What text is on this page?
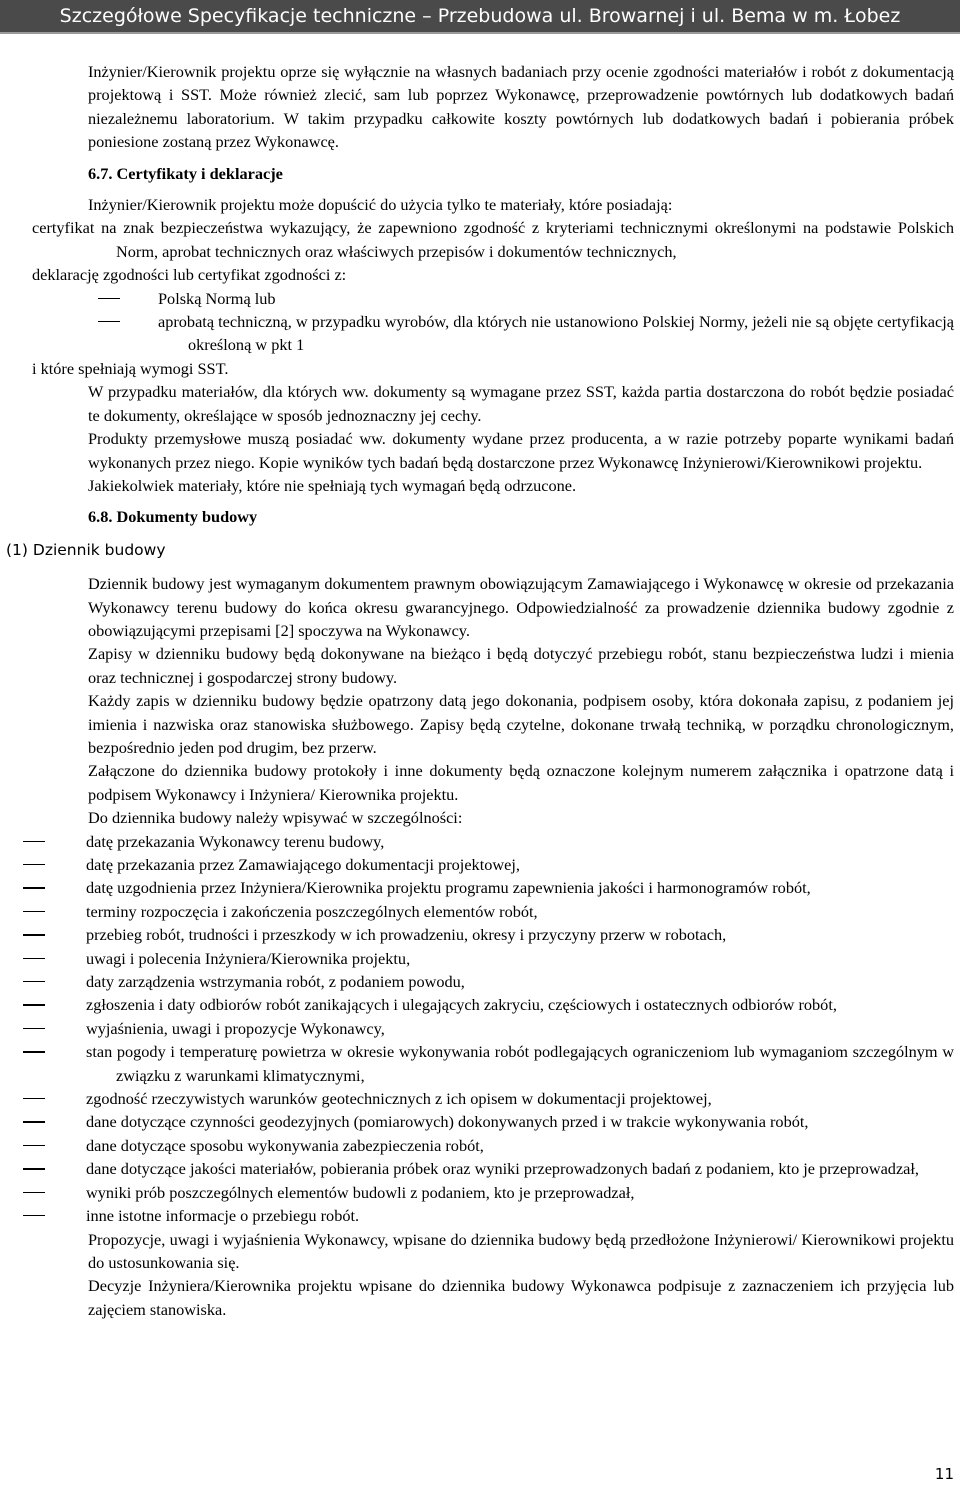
Szczegółowe Specyfikacje techniczne – Przebudowa ul. Browarnej i ul. Bema w m. Łobez

Inżynier/Kierownik projektu oprze się wyłącznie na własnych badaniach przy ocenie zgodności materiałów i robót z dokumentacją projektową i SST. Może również zlecić, sam lub poprzez Wykonawcę, przeprowadzenie powtórnych lub dodatkowych badań niezależnemu laboratorium. W takim przypadku całkowite koszty powtórnych lub dodatkowych badań i pobierania próbek poniesione zostaną przez Wykonawcę.

6.7. Certyfikaty i deklaracje

Inżynier/Kierownik projektu może dopuścić do użycia tylko te materiały, które posiadają:

certyfikat na znak bezpieczeństwa wykazujący, że zapewniono zgodność z kryteriami technicznymi określonymi na podstawie Polskich Norm, aprobat technicznych oraz właściwych przepisów i dokumentów technicznych,

deklarację zgodności lub certyfikat zgodności z:

Polską Normą lub
aprobatą techniczną, w przypadku wyrobów, dla których nie ustanowiono Polskiej Normy, jeżeli nie są objęte certyfikacją określoną w pkt 1

i które spełniają wymogi SST.

W przypadku materiałów, dla których ww. dokumenty są wymagane przez SST, każda partia dostarczona do robót będzie posiadać te dokumenty, określające w sposób jednoznaczny jej cechy.

Produkty przemysłowe muszą posiadać ww. dokumenty wydane przez producenta, a w razie potrzeby poparte wynikami badań wykonanych przez niego. Kopie wyników tych badań będą dostarczone przez Wykonawcę Inżynierowi/Kierownikowi projektu.

Jakiekolwiek materiały, które nie spełniają tych wymagań będą odrzucone.

6.8. Dokumenty budowy
(1) Dziennik budowy

Dziennik budowy jest wymaganym dokumentem prawnym obowiązującym Zamawiającego i Wykonawcę w okresie od przekazania Wykonawcy terenu budowy do końca okresu gwarancyjnego. Odpowiedzialność za prowadzenie dziennika budowy zgodnie z obowiązującymi przepisami [2] spoczywa na Wykonawcy.

Zapisy w dzienniku budowy będą dokonywane na bieżąco i będą dotyczyć przebiegu robót, stanu bezpieczeństwa ludzi i mienia oraz technicznej i gospodarczej strony budowy.

Każdy zapis w dzienniku budowy będzie opatrzony datą jego dokonania, podpisem osoby, która dokonała zapisu, z podaniem jej imienia i nazwiska oraz stanowiska służbowego. Zapisy będą czytelne, dokonane trwałą techniką, w porządku chronologicznym, bezpośrednio jeden pod drugim, bez przerw.

Załączone do dziennika budowy protokoły i inne dokumenty będą oznaczone kolejnym numerem załącznika i opatrzone datą i podpisem Wykonawcy i Inżyniera/ Kierownika projektu.

Do dziennika budowy należy wpisywać w szczególności:

datę przekazania Wykonawcy terenu budowy,
datę przekazania przez Zamawiającego dokumentacji projektowej,
datę uzgodnienia przez Inżyniera/Kierownika projektu programu zapewnienia jakości i harmonogramów robót,
terminy rozpoczęcia i zakończenia poszczególnych elementów robót,
przebieg robót, trudności i przeszkody w ich prowadzeniu, okresy i przyczyny przerw w robotach,
uwagi i polecenia Inżyniera/Kierownika projektu,
daty zarządzenia wstrzymania robót, z podaniem powodu,
zgłoszenia i daty odbiorów robót zanikających i ulegających zakryciu, częściowych i ostatecznych odbiorów robót,
wyjaśnienia, uwagi i propozycje Wykonawcy,
stan pogody i temperaturę powietrza w okresie wykonywania robót podlegających ograniczeniom lub wymaganiom szczególnym w związku z warunkami klimatycznymi,
zgodność rzeczywistych warunków geotechnicznych z ich opisem w dokumentacji projektowej,
dane dotyczące czynności geodezyjnych (pomiarowych) dokonywanych przed i w trakcie wykonywania robót,
dane dotyczące sposobu wykonywania zabezpieczenia robót,
dane dotyczące jakości materiałów, pobierania próbek oraz wyniki przeprowadzonych badań z podaniem, kto je przeprowadzał,
wyniki prób poszczególnych elementów budowli z podaniem, kto je przeprowadzał,
inne istotne informacje o przebiegu robót.

Propozycje, uwagi i wyjaśnienia Wykonawcy, wpisane do dziennika budowy będą przedłożone Inżynierowi/ Kierownikowi projektu do ustosunkowania się.

Decyzje Inżyniera/Kierownika projektu wpisane do dziennika budowy Wykonawca podpisuje z zaznaczeniem ich przyjęcia lub zajęciem stanowiska.

11
